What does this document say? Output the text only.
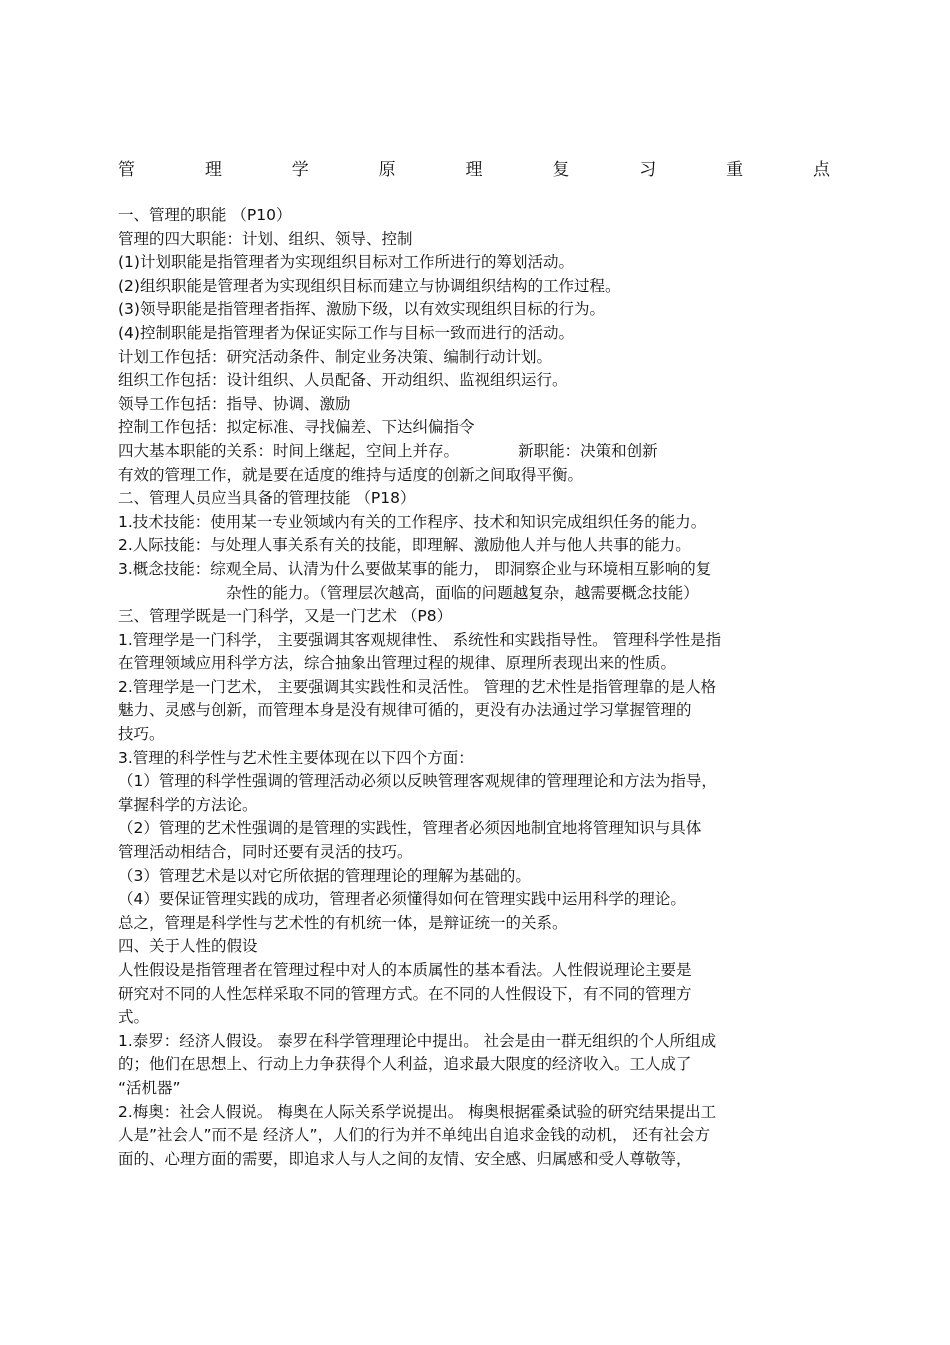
管	理	学	原	理	复	习	重	点
一、管理的职能 （P10）
管理的四大职能：计划、组织、领导、控制
(1)计划职能是指管理者为实现组织目标对工作所进行的筹划活动。
(2)组织职能是管理者为实现组织目标而建立与协调组织结构的工作过程。
(3)领导职能是指管理者指挥、激励下级，以有效实现组织目标的行为。
(4)控制职能是指管理者为保证实际工作与目标一致而进行的活动。
计划工作包括：研究活动条件、制定业务决策、编制行动计划。
组织工作包括：设计组织、人员配备、开动组织、监视组织运行。
领导工作包括：指导、协调、激励
控制工作包括：拟定标准、寻找偏差、下达纠偏指令
四大基本职能的关系：时间上继起，空间上并存。            新职能：决策和创新
有效的管理工作，就是要在适度的维持与适度的创新之间取得平衡。
二、管理人员应当具备的管理技能 （P18）
1.技术技能：使用某一专业领域内有关的工作程序、技术和知识完成组织任务的能力。
2.人际技能：与处理人事关系有关的技能，即理解、激励他人并与他人共事的能力。
3.概念技能：综观全局、认清为什么要做某事的能力， 即洞察企业与环境相互影响的复
杂性的能力。（管理层次越高，面临的问题越复杂，越需要概念技能）
三、管理学既是一门科学，又是一门艺术 （P8）
1.管理学是一门科学， 主要强调其客观规律性、 系统性和实践指导性。 管理科学性是指
在管理领域应用科学方法，综合抽象出管理过程的规律、原理所表现出来的性质。
2.管理学是一门艺术， 主要强调其实践性和灵活性。 管理的艺术性是指管理靠的是人格
魅力、灵感与创新，而管理本身是没有规律可循的，更没有办法通过学习掌握管理的
技巧。
3.管理的科学性与艺术性主要体现在以下四个方面：
（1）管理的科学性强调的管理活动必须以反映管理客观规律的管理理论和方法为指导，
掌握科学的方法论。
（2）管理的艺术性强调的是管理的实践性，管理者必须因地制宜地将管理知识与具体
管理活动相结合，同时还要有灵活的技巧。
（3）管理艺术是以对它所依据的管理理论的理解为基础的。
（4）要保证管理实践的成功，管理者必须懂得如何在管理实践中运用科学的理论。
总之，管理是科学性与艺术性的有机统一体，是辩证统一的关系。
四、关于人性的假设
人性假设是指管理者在管理过程中对人的本质属性的基本看法。人性假说理论主要是
研究对不同的人性怎样采取不同的管理方式。在不同的人性假设下，有不同的管理方
式。
1.泰罗：经济人假设。 泰罗在科学管理理论中提出。 社会是由一群无组织的个人所组成
的；他们在思想上、行动上力争获得个人利益，追求最大限度的经济收入。工人成了
“活机器”
2.梅奥：社会人假说。 梅奥在人际关系学说提出。 梅奥根据霍桑试验的研究结果提出工
人是”社会人”而不是 经济人”，人们的行为并不单纯出自追求金钱的动机， 还有社会方
面的、心理方面的需要，即追求人与人之间的友情、安全感、归属感和受人尊敬等，
